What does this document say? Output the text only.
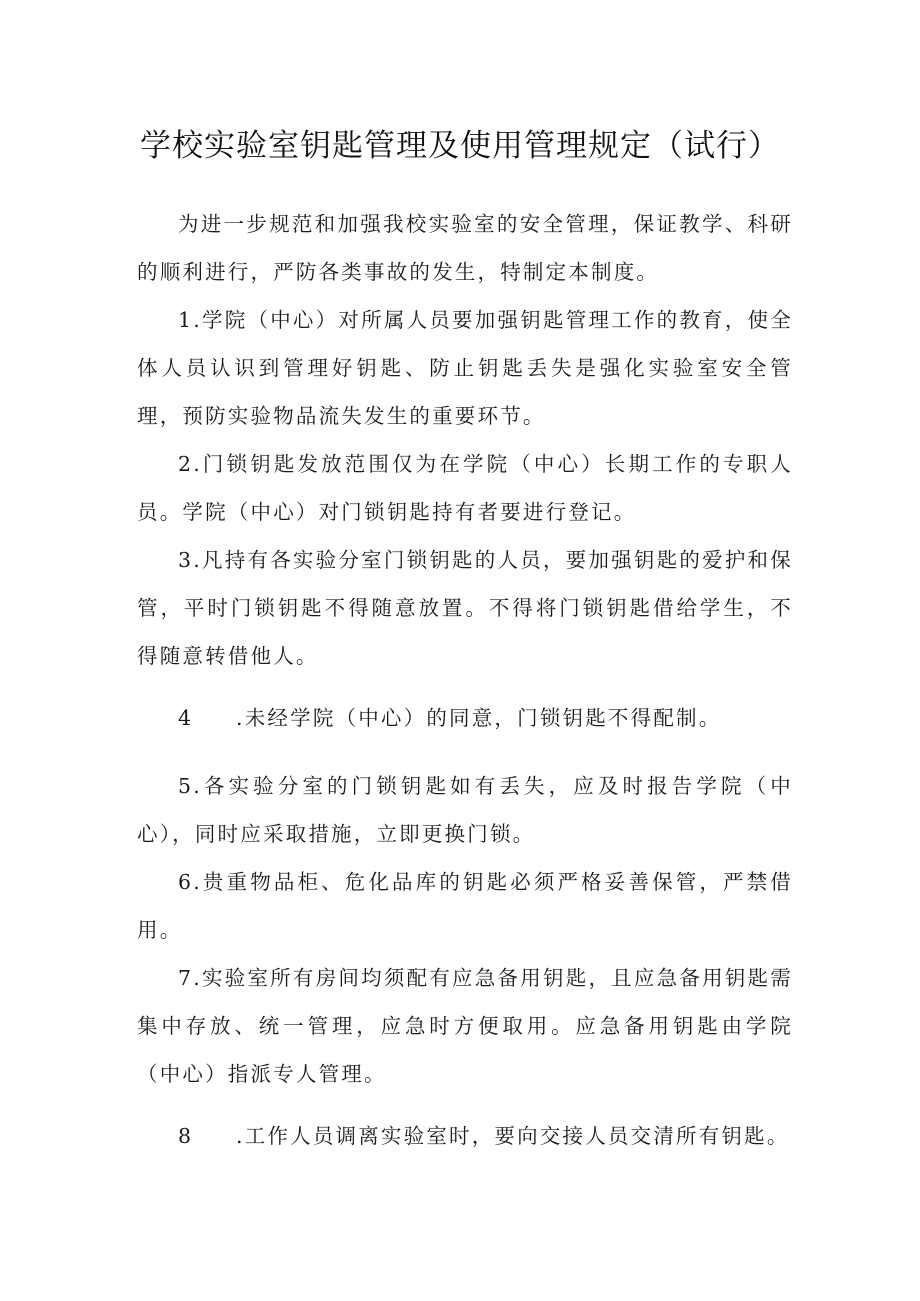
学校实验室钥匙管理及使用管理规定（试行）

为进一步规范和加强我校实验室的安全管理，保证教学、科研的顺利进行，严防各类事故的发生，特制定本制度。

1.学院（中心）对所属人员要加强钥匙管理工作的教育，使全体人员认识到管理好钥匙、防止钥匙丢失是强化实验室安全管理，预防实验物品流失发生的重要环节。

2.门锁钥匙发放范围仅为在学院（中心）长期工作的专职人员。学院（中心）对门锁钥匙持有者要进行登记。

3.凡持有各实验分室门锁钥匙的人员，要加强钥匙的爱护和保管，平时门锁钥匙不得随意放置。不得将门锁钥匙借给学生，不得随意转借他人。

4 .未经学院（中心）的同意，门锁钥匙不得配制。

5.各实验分室的门锁钥匙如有丢失，应及时报告学院（中心），同时应采取措施，立即更换门锁。

6.贵重物品柜、危化品库的钥匙必须严格妥善保管，严禁借用。

7.实验室所有房间均须配有应急备用钥匙，且应急备用钥匙需集中存放、统一管理，应急时方便取用。应急备用钥匙由学院（中心）指派专人管理。

8 .工作人员调离实验室时，要向交接人员交清所有钥匙。
